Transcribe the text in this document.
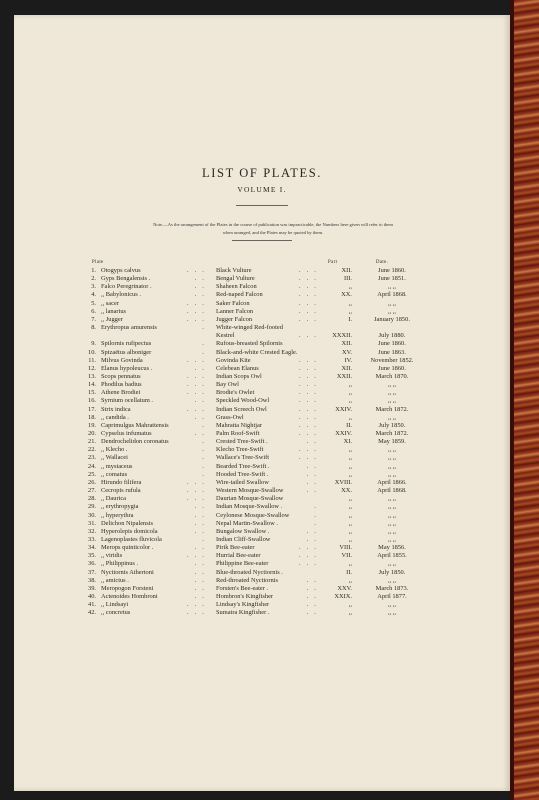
LIST OF PLATES.
VOLUME I.
Note.—As the arrangement of the Plates in the course of publication was impracticable, the Numbers here given will refer to them
when arranged, and the Plates may be quoted by them.
Plate	Part	Date.
1. Otogyps calvus	. . . Black Vulture	. . .	XII.	June 1860.
2. Gyps Bengalensis .	. . Bengal Vulture	. . .	III.	June 1851.
3. Falco Peregrinator .	. . Shaheen Falcon	. . .	,,	,, ,,
4. ,, Babylonicus .	. . Red-naped Falcon	. . .	XX.	April 1868.
5. ,, sacer	. . . Saker Falcon	. . .	,,	,, ,,
6. ,, lanarius	. . . Lanner Falcon	. . .	,,	,, ,,
7. ,, Jugger	. . . Jugger Falcon	. . .	I.	January 1850.
8. Erythropus amurensis	. White-winged Red-footed
Kestrel	. . .	XXXII.	July 1880.
9. Spilornis rufipectus	. Rufous-breasted Spilornis	XII.	June 1860.
10. Spizaëtus alboniger	. Black-and-white Crested Eagle.	XV.	June 1863.
11. Milvus Govinda	. . . Govinda Kite	. . .	IV.	November 1852.
12. Elanus hypoleucus .	. . Celebean Elanus	. . .	XII.	June 1860.
13. Scops pennatus	. . . Indian Scops Owl	. . .	XXII.	March 1870.
14. Phodilus badius	. . . Bay Owl	. . .	,,	,, ,,
15. Athene Brodiei	. . . Brodie's Owlet	. . .	,,	,, ,,
16. Syrnium ocellatum .	. . Speckled Wood-Owl	. . .	,,	,, ,,
17. Strix indica	. . . Indian Screech Owl	. . .	XXIV.	March 1872.
18. ,, candida .	. . Grass-Owl	. . .	,,	,, ,,
19. Caprimulgus Mahrattensis	. Mahratta Nightjar	. . .	II.	July 1850.
20. Cypselus infumatus	. . Palm Roof-Swift	. . .	XXIV.	March 1872.
21. Dendrochelidon coronatus	. Crested Tree-Swift .	. .	XI.	May 1859.
22. ,, Klecho .	. Klecho Tree-Swift	. . .	,,	,, ,,
23. ,, Wallacei	. Wallace's Tree-Swift	. . .	,,	,, ,,
24. ,, mystaceus	. Bearded Tree-Swift .	. .	,,	,, ,,
25. ,, comatus	. Hooded Tree-Swift .	. .	,,	,, ,,
26. Hirundo filifera	. . . Wire-tailed Swallow	. .	XVIII.	April 1866.
27. Cecropis rufula	. . . Western Mosque-Swallow	. .	XX.	April 1868.
28. ,, Daurica	. . . Daurian Mosque-Swallow	,,	,, ,,
29. ,, erythropygia	. . Indian Mosque-Swallow .	.	,,	,, ,,
30. ,, hyperythra	. . Ceylonese Mosque-Swallow	.	,,	,, ,,
31. Delichon Nipalensis	. . Nepal Martin-Swallow .	.	,,	,, ,,
32. Hyperolepis domicola	. . Bungalow Swallow .	. .	,,	,, ,,
33. Lagenoplastes fluvicola	. Indian Cliff-Swallow	. .	,,	,, ,,
34. Merops quinticolor .	. . Pirik Bee-eater	. . .	VIII.	May 1856.
35. ,, viridis	. . . Hurrial Bee-eater	. . .	VII.	April 1855.
36. ,, Philippinus .	. . Philippine Bee-eater	. . .	,,	,, ,,
37. Nyctiornis Athertoni	. . Blue-throated Nyctiornis .	II.	July 1850.
38. ,, amictus .	. . Red-throated Nyctiornis	. .	,,	,, ,,
39. Meropogon Forsteni	. . Forsten's Bee-eater .	. .	XXV.	March 1873.
40. Actenoides Hombroni	. . Hombron's Kingfisher	. .	XXIX.	April 1877.
41. ,, Lindsayi	. . . Lindsay's Kingfisher	. .	,,	,, ,,
42. ,, concretus	. . . Sumatra Kingfisher .	. .	,,	,, ,,
